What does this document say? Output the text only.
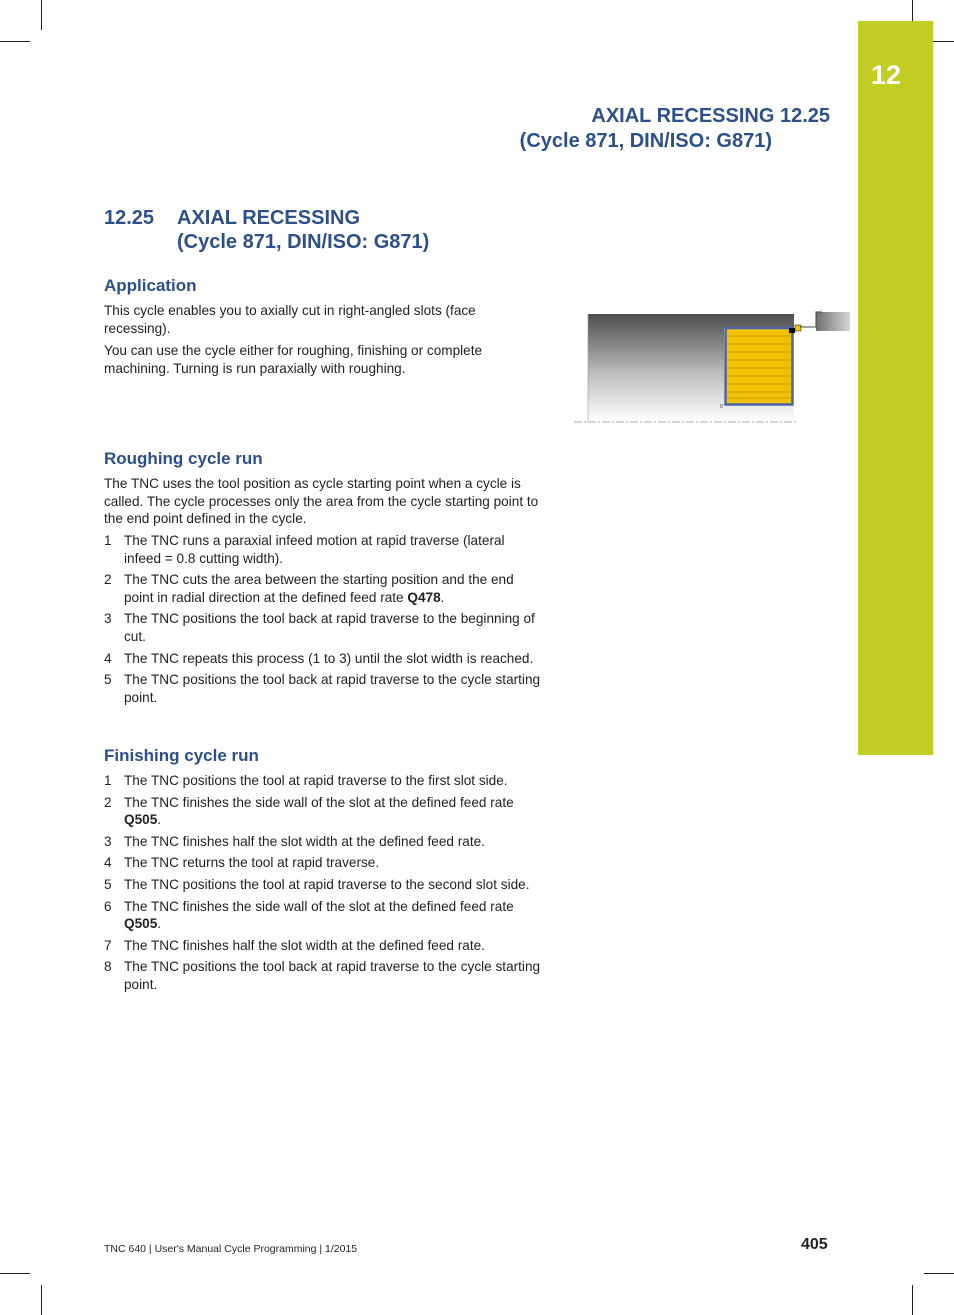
12
AXIAL RECESSING 12.25
(Cycle 871, DIN/ISO: G871)
12.25 AXIAL RECESSING
(Cycle 871, DIN/ISO: G871)
Application
This cycle enables you to axially cut in right-angled slots (face recessing).
You can use the cycle either for roughing, finishing or complete machining. Turning is run paraxially with roughing.
0
Roughing cycle run
The TNC uses the tool position as cycle starting point when a cycle is called. The cycle processes only the area from the cycle starting point to the end point defined in the cycle.
1 The TNC runs a paraxial infeed motion at rapid traverse (lateral infeed = 0.8 cutting width).
2 The TNC cuts the area between the starting position and the end point in radial direction at the defined feed rate Q478.
3 The TNC positions the tool back at rapid traverse to the beginning of cut.
4 The TNC repeats this process (1 to 3) until the slot width is reached.
5 The TNC positions the tool back at rapid traverse to the cycle starting point.
Finishing cycle run
1 The TNC positions the tool at rapid traverse to the first slot side.
2 The TNC finishes the side wall of the slot at the defined feed rate Q505.
3 The TNC finishes half the slot width at the defined feed rate.
4 The TNC returns the tool at rapid traverse.
5 The TNC positions the tool at rapid traverse to the second slot side.
6 The TNC finishes the side wall of the slot at the defined feed rate Q505.
7 The TNC finishes half the slot width at the defined feed rate.
8 The TNC positions the tool back at rapid traverse to the cycle starting point.
TNC 640 | User's Manual Cycle Programming | 1/2015	405
